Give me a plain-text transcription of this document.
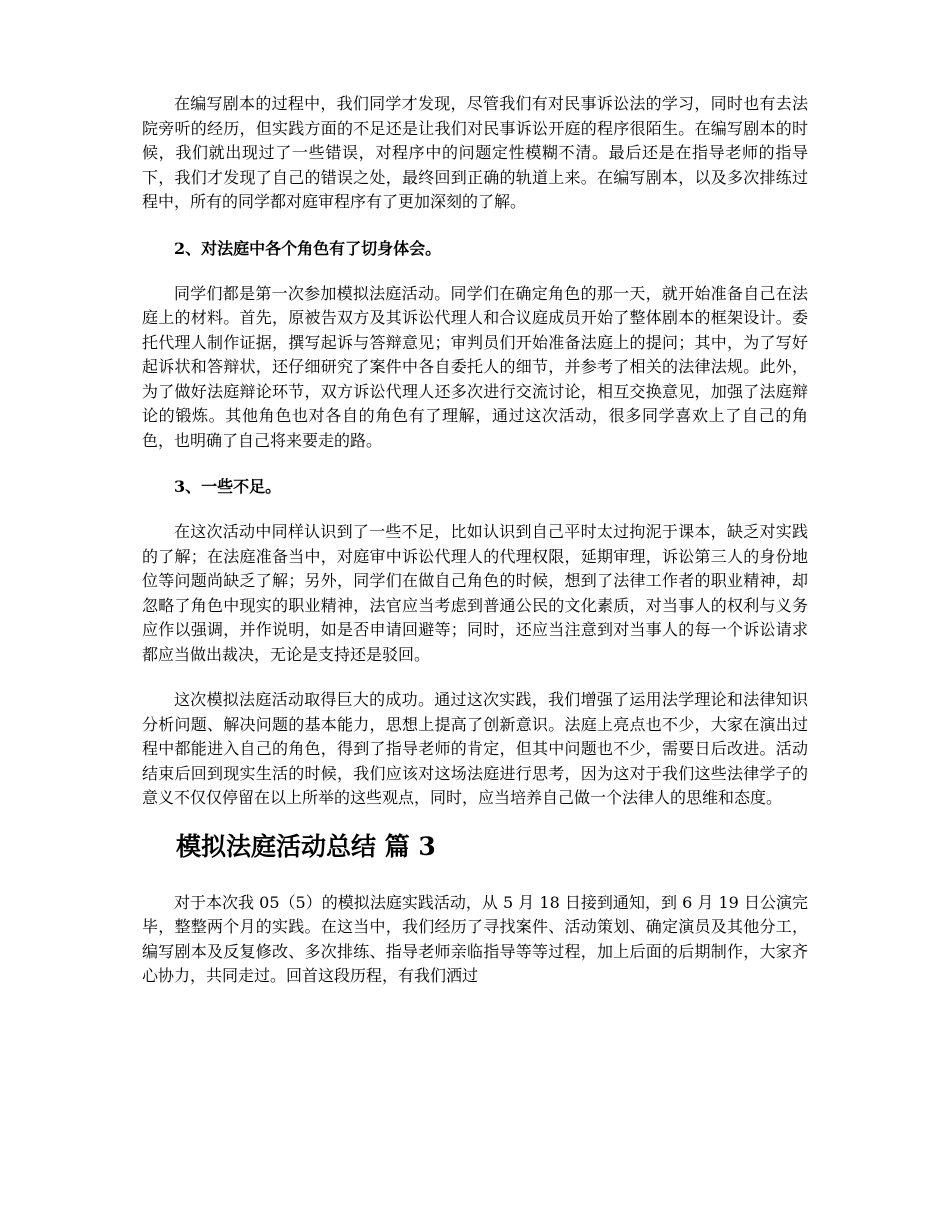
在编写剧本的过程中，我们同学才发现，尽管我们有对民事诉讼法的学习，同时也有去法院旁听的经历，但实践方面的不足还是让我们对民事诉讼开庭的程序很陌生。在编写剧本的时候，我们就出现过了一些错误，对程序中的问题定性模糊不清。最后还是在指导老师的指导下，我们才发现了自己的错误之处，最终回到正确的轨道上来。在编写剧本，以及多次排练过程中，所有的同学都对庭审程序有了更加深刻的了解。

2、对法庭中各个角色有了切身体会。

同学们都是第一次参加模拟法庭活动。同学们在确定角色的那一天，就开始准备自己在法庭上的材料。首先，原被告双方及其诉讼代理人和合议庭成员开始了整体剧本的框架设计。委托代理人制作证据，撰写起诉与答辩意见；审判员们开始准备法庭上的提问；其中，为了写好起诉状和答辩状，还仔细研究了案件中各自委托人的细节，并参考了相关的法律法规。此外，为了做好法庭辩论环节，双方诉讼代理人还多次进行交流讨论，相互交换意见，加强了法庭辩论的锻炼。其他角色也对各自的角色有了理解，通过这次活动，很多同学喜欢上了自己的角色，也明确了自己将来要走的路。

3、一些不足。

在这次活动中同样认识到了一些不足，比如认识到自己平时太过拘泥于课本，缺乏对实践的了解；在法庭准备当中，对庭审中诉讼代理人的代理权限，延期审理，诉讼第三人的身份地位等问题尚缺乏了解；另外，同学们在做自己角色的时候，想到了法律工作者的职业精神，却忽略了角色中现实的职业精神，法官应当考虑到普通公民的文化素质，对当事人的权利与义务应作以强调，并作说明，如是否申请回避等；同时，还应当注意到对当事人的每一个诉讼请求都应当做出裁决，无论是支持还是驳回。

这次模拟法庭活动取得巨大的成功。通过这次实践，我们增强了运用法学理论和法律知识分析问题、解决问题的基本能力，思想上提高了创新意识。法庭上亮点也不少，大家在演出过程中都能进入自己的角色，得到了指导老师的肯定，但其中问题也不少，需要日后改进。活动结束后回到现实生活的时候，我们应该对这场法庭进行思考，因为这对于我们这些法律学子的意义不仅仅停留在以上所举的这些观点，同时，应当培养自己做一个法律人的思维和态度。

模拟法庭活动总结 篇 3

对于本次我 05（5）的模拟法庭实践活动，从 5 月 18 日接到通知，到 6 月 19 日公演完毕，整整两个月的实践。在这当中，我们经历了寻找案件、活动策划、确定演员及其他分工，编写剧本及反复修改、多次排练、指导老师亲临指导等等过程，加上后面的后期制作，大家齐心协力，共同走过。回首这段历程，有我们洒过
